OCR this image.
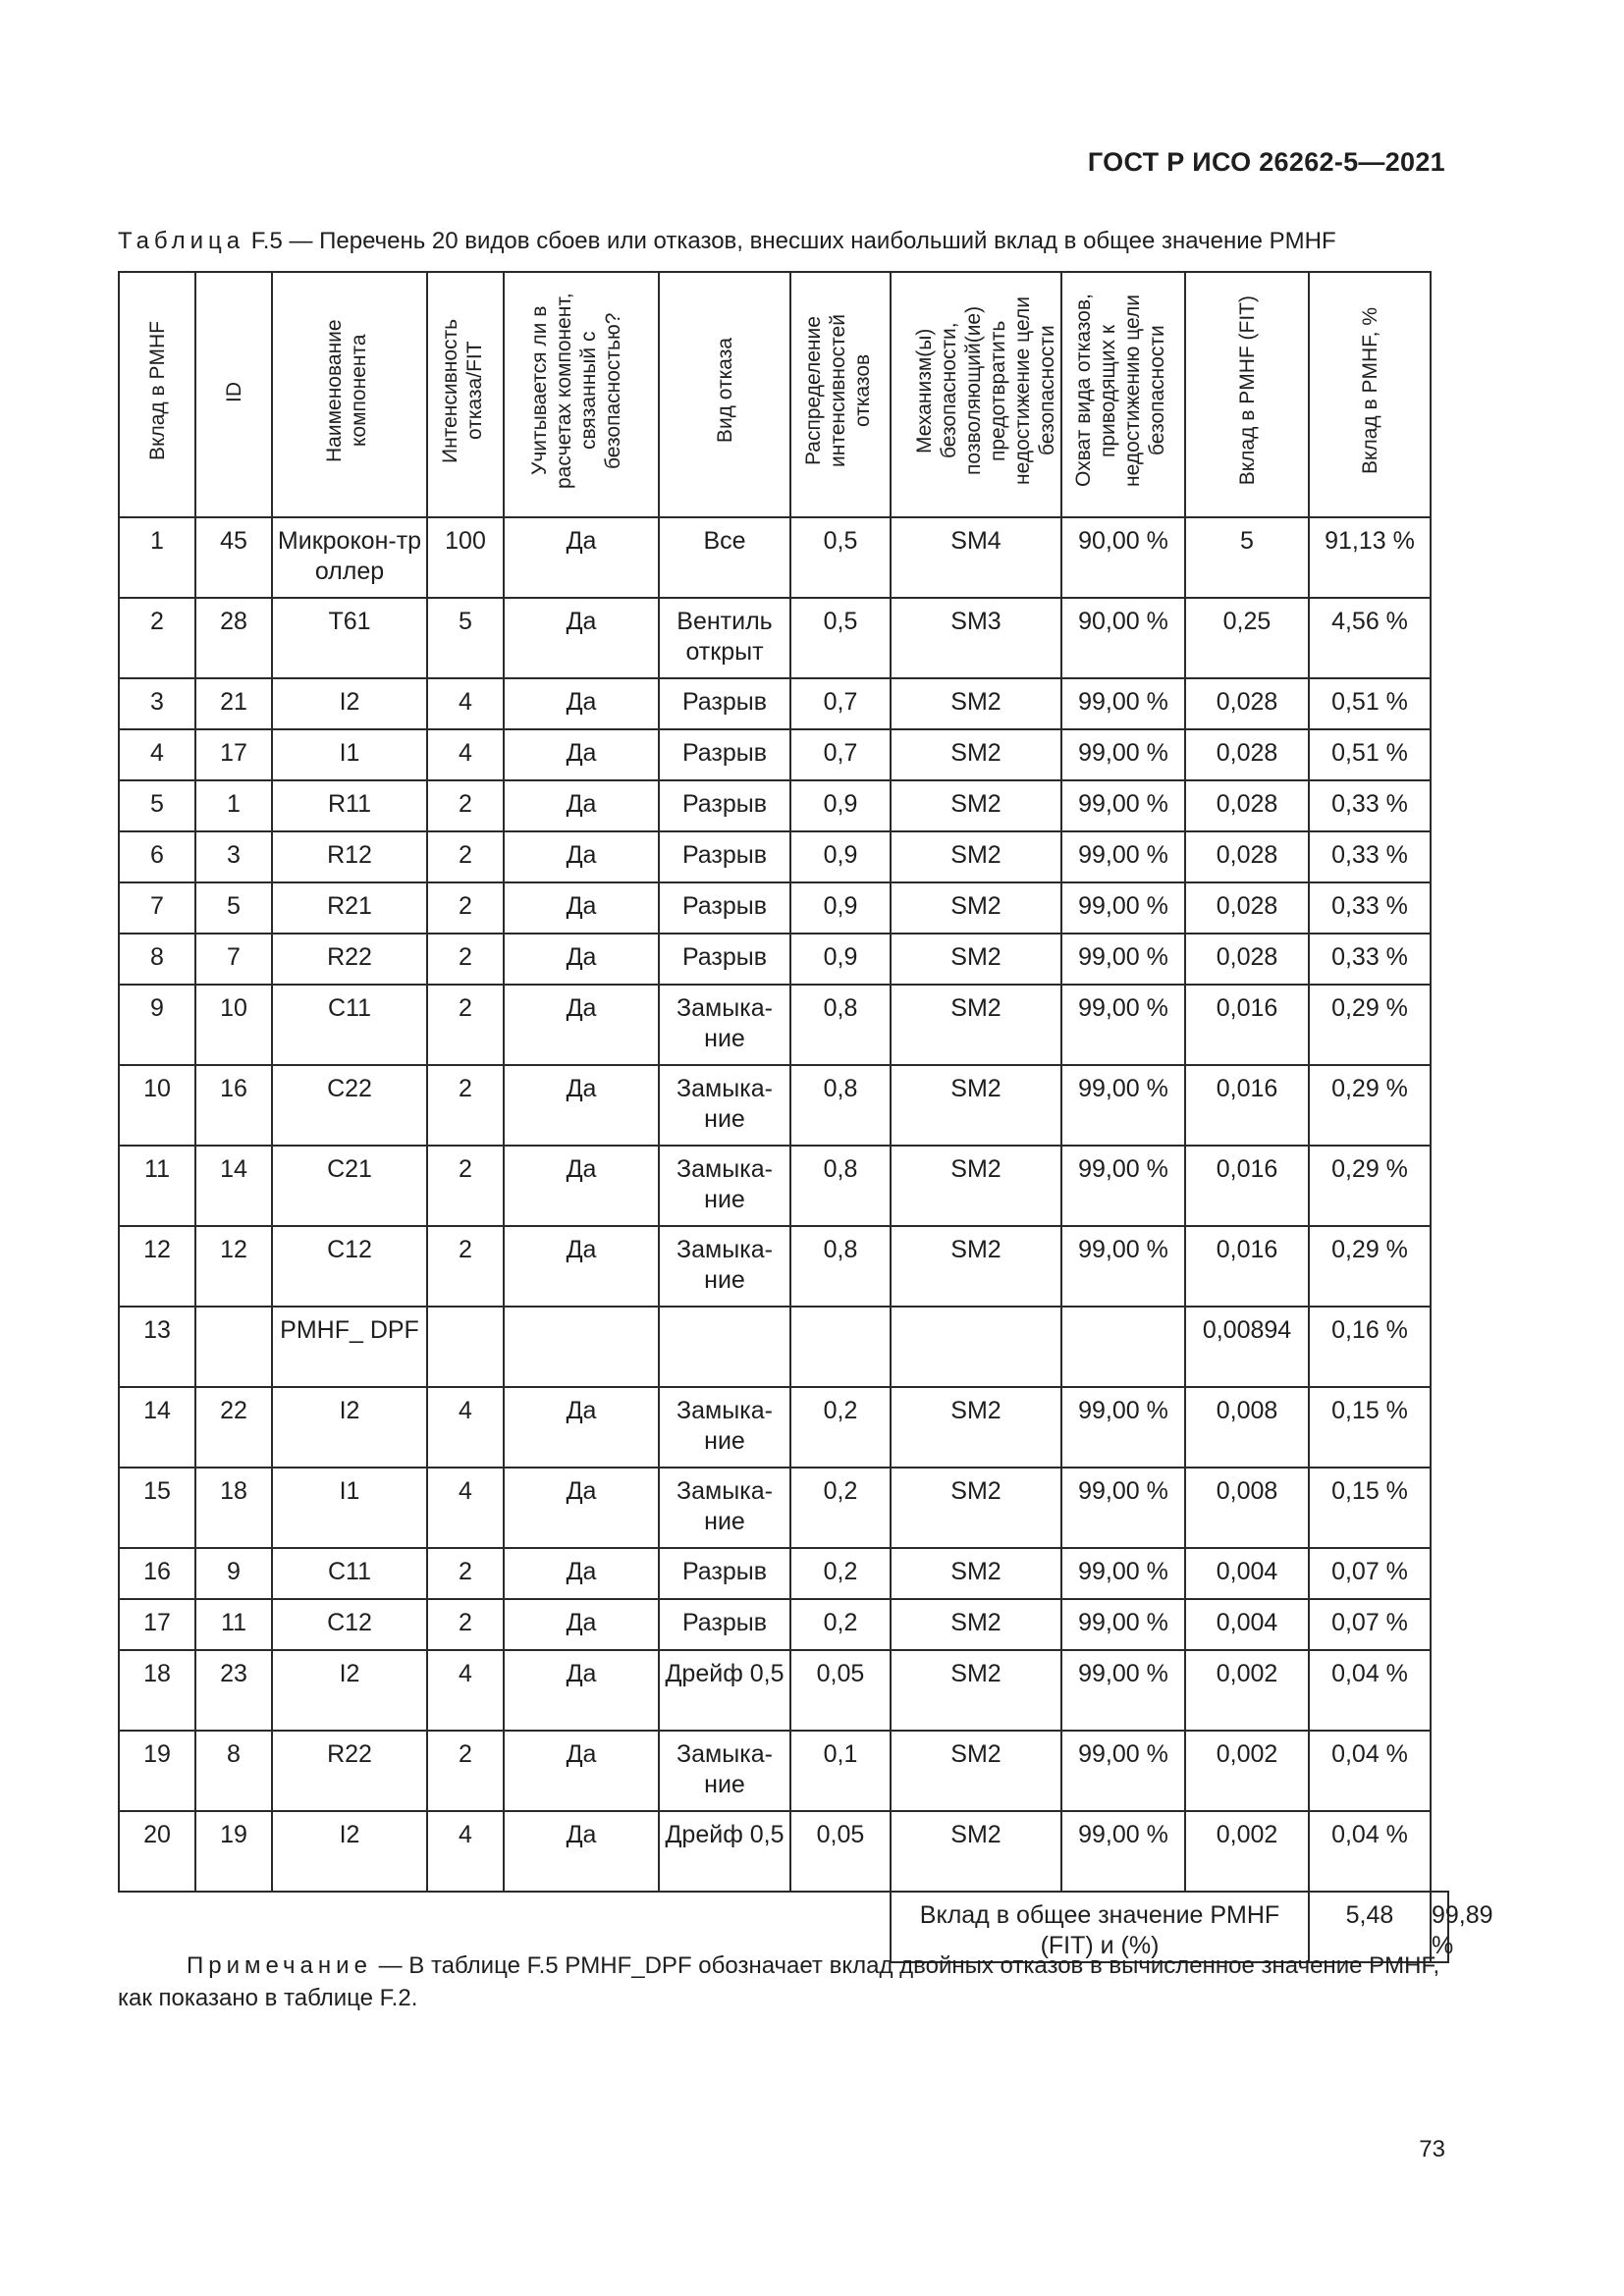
ГОСТ Р ИСО 26262-5—2021
Таблица F.5 — Перечень 20 видов сбоев или отказов, внесших наибольший вклад в общее значение PMHF
Вклад в PMHF	ID	Наименование компонента	Интенсивность отказа/FIT	Учитывается ли в расчетах компонент, связанный с безопасностью?	Вид отказа	Распределение интенсивностей отказов	Механизм(ы) безопасности, позволяющий(ие) предотвратить недостижение цели безопасности	Охват вида отказов, приводящих к недостижению цели безопасности	Вклад в PMHF (FIT)	Вклад в PMHF, %	
1	45	Микрокон-троллер	100	Да	Все	0,5	SM4	90,00 %	5	91,13 %	
2	28	T61	5	Да	Вентиль открыт	0,5	SM3	90,00 %	0,25	4,56 %	
3	21	I2	4	Да	Разрыв	0,7	SM2	99,00 %	0,028	0,51 %	
4	17	I1	4	Да	Разрыв	0,7	SM2	99,00 %	0,028	0,51 %	
5	1	R11	2	Да	Разрыв	0,9	SM2	99,00 %	0,028	0,33 %	
6	3	R12	2	Да	Разрыв	0,9	SM2	99,00 %	0,028	0,33 %	
7	5	R21	2	Да	Разрыв	0,9	SM2	99,00 %	0,028	0,33 %	
8	7	R22	2	Да	Разрыв	0,9	SM2	99,00 %	0,028	0,33 %	
9	10	C11	2	Да	Замыка-ние	0,8	SM2	99,00 %	0,016	0,29 %	
10	16	C22	2	Да	Замыка-ние	0,8	SM2	99,00 %	0,016	0,29 %	
11	14	C21	2	Да	Замыка-ние	0,8	SM2	99,00 %	0,016	0,29 %	
12	12	C12	2	Да	Замыка-ние	0,8	SM2	99,00 %	0,016	0,29 %	
13		PMHF_ DPF							0,00894	0,16 %	
14	22	I2	4	Да	Замыка-ние	0,2	SM2	99,00 %	0,008	0,15 %	
15	18	I1	4	Да	Замыка-ние	0,2	SM2	99,00 %	0,008	0,15 %	
16	9	C11	2	Да	Разрыв	0,2	SM2	99,00 %	0,004	0,07 %	
17	11	C12	2	Да	Разрыв	0,2	SM2	99,00 %	0,004	0,07 %	
18	23	I2	4	Да	Дрейф 0,5	0,05	SM2	99,00 %	0,002	0,04 %	
19	8	R22	2	Да	Замыка-ние	0,1	SM2	99,00 %	0,002	0,04 %	
20	19	I2	4	Да	Дрейф 0,5	0,05	SM2	99,00 %	0,002	0,04 %	
							Вклад в общее значение PMHF (FIT) и (%)			5,48	99,89 %
Примечание — В таблице F.5 PMHF_DPF обозначает вклад двойных отказов в вычисленное значение PMHF, как показано в таблице F.2.
73
